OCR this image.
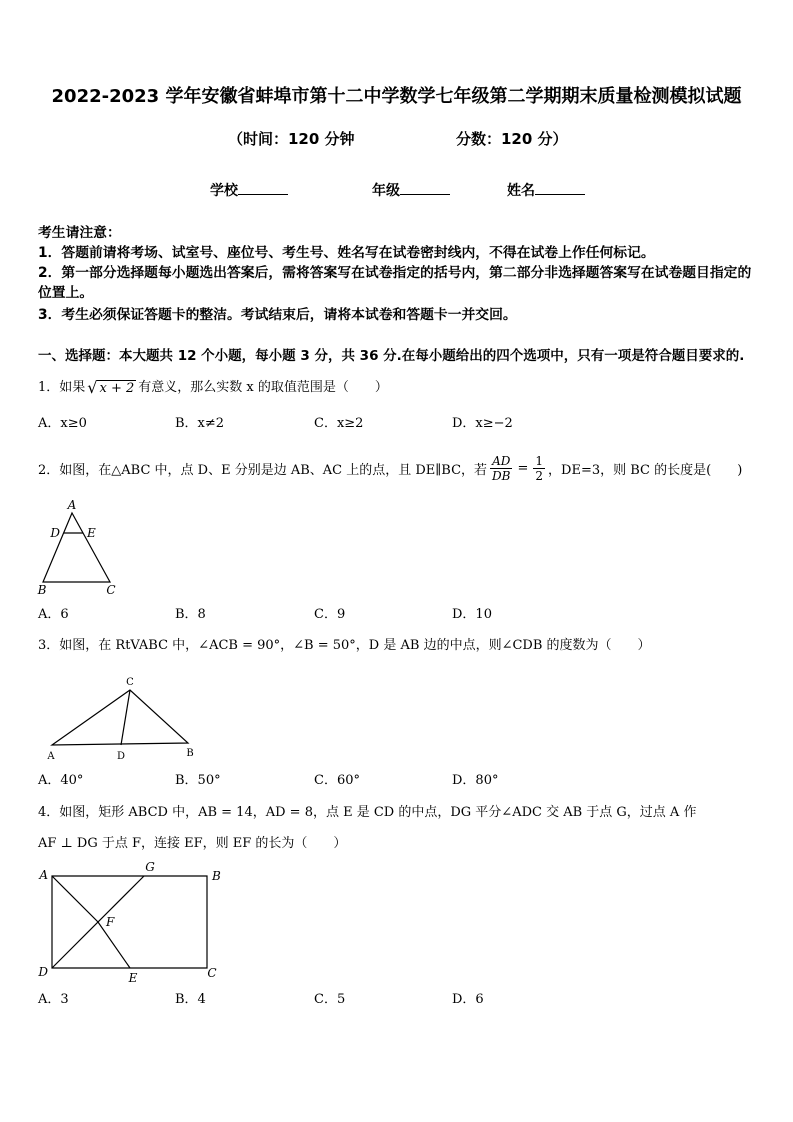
2022-2023 学年安徽省蚌埠市第十二中学数学七年级第二学期期末质量检测模拟试题
（时间：120 分钟	分数：120 分）
学校	年级	姓名
考生请注意：
1．答题前请将考场、试室号、座位号、考生号、姓名写在试卷密封线内，不得在试卷上作任何标记。
2．第一部分选择题每小题选出答案后，需将答案写在试卷指定的括号内，第二部分非选择题答案写在试卷题目指定的
位置上。
3．考生必须保证答题卡的整洁。考试结束后，请将本试卷和答题卡一并交回。
一、选择题：本大题共 12 个小题，每小题 3 分，共 36 分.在每小题给出的四个选项中，只有一项是符合题目要求的.
1．如果 √ x + 2 有意义，那么实数 x 的取值范围是（　　）
A．x≥0	B．x≠2	C．x≥2	D．x≥−2
2．如图，在△ABC 中，点 D、E 分别是边 AB、AC 上的点，且 DE∥BC，若 $\frac{AD}{DB} = \frac{1}{2}$ ，DE=3，则 BC 的长度是(　　)
A
D E
B	C
A．6	B．8	C．9	D．10
3．如图，在 RtVABC 中，∠ACB = 90°，∠B = 50°，D 是 AB 边的中点，则∠CDB 的度数为（　　）
C
A	D	B
A．40°	B．50°	C．60°	D．80°
4．如图，矩形 ABCD 中，AB = 14，AD = 8，点 E 是 CD 的中点，DG 平分∠ADC 交 AB 于点 G，过点 A 作
AF ⊥ DG 于点 F，连接 EF，则 EF 的长为（　　）
A
G
B
F
D	E	C
A．3	B．4	C．5	D．6
